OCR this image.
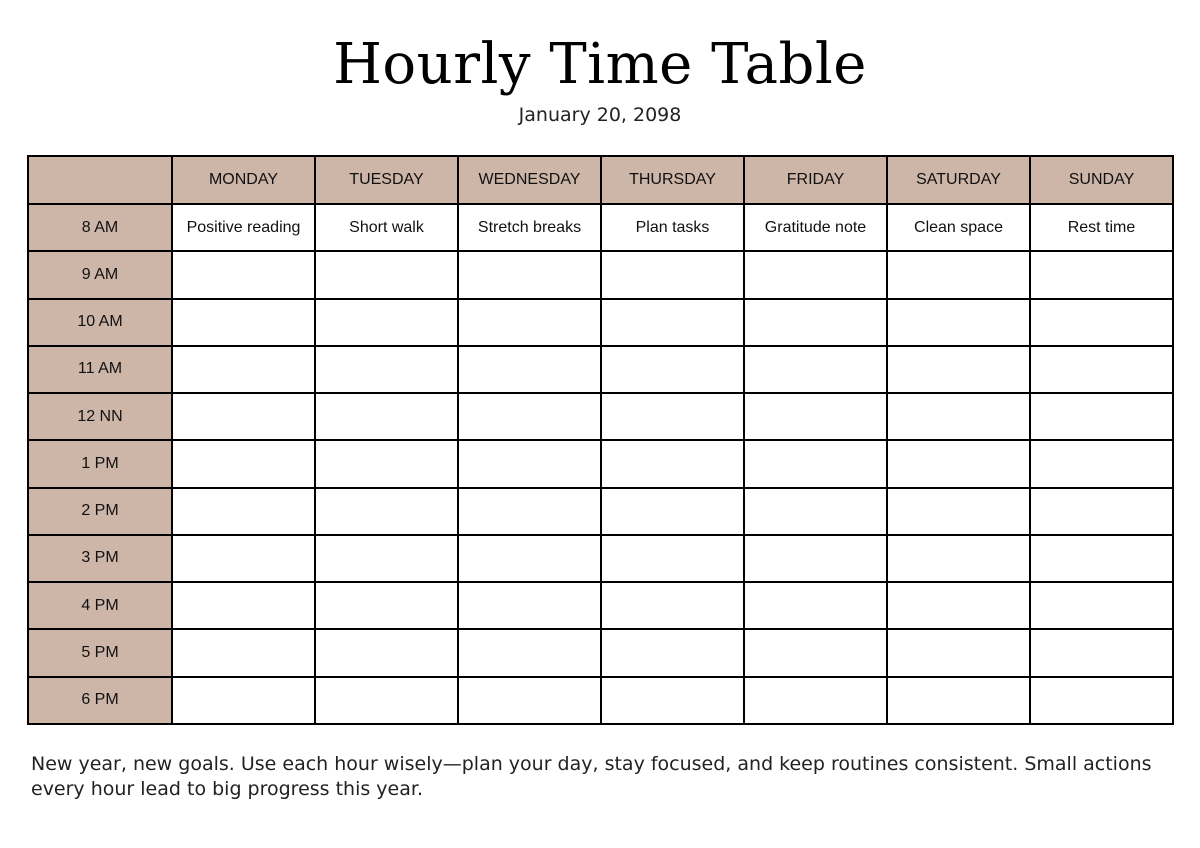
Hourly Time Table
January 20, 2098
	MONDAY	TUESDAY	WEDNESDAY	THURSDAY	FRIDAY	SATURDAY	SUNDAY
8 AM	Positive reading	Short walk	Stretch breaks	Plan tasks	Gratitude note	Clean space	Rest time
9 AM							
10 AM							
11 AM							
12 NN							
1 PM							
2 PM							
3 PM							
4 PM							
5 PM							
6 PM							
New year, new goals. Use each hour wisely—plan your day, stay focused, and keep routines consistent. Small actions every hour lead to big progress this year.
